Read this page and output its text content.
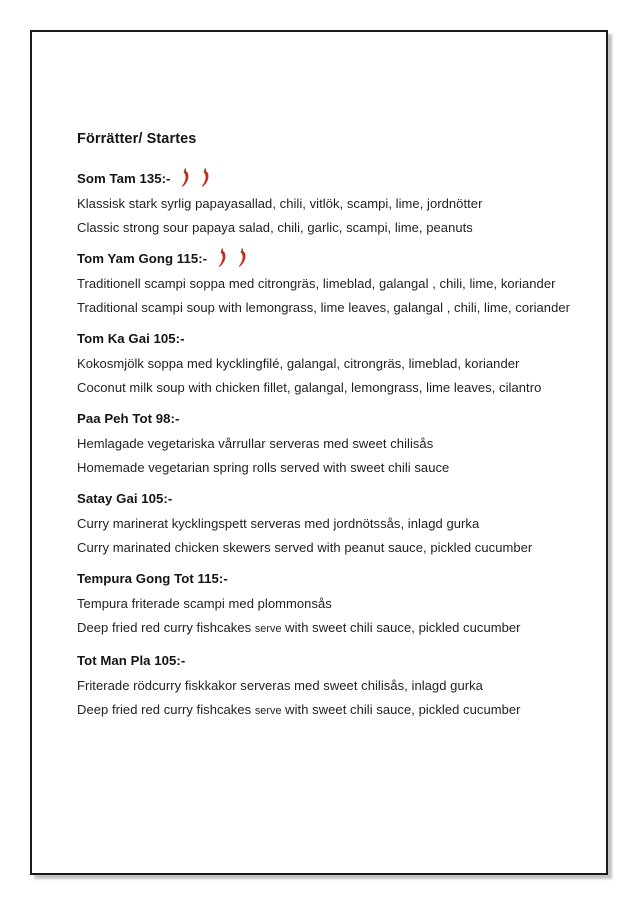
Förrätter/ Startes
Som Tam 135:-
Klassisk stark syrlig papayasallad, chili, vitlök, scampi, lime, jordnötter
Classic strong sour papaya salad, chili, garlic, scampi, lime, peanuts
Tom Yam Gong 115:-
Traditionell scampi soppa med citrongräs, limeblad, galangal , chili, lime, koriander
Traditional scampi soup with lemongrass, lime leaves, galangal , chili, lime, coriander
Tom Ka Gai 105:-
Kokosmjölk soppa med kycklingfilé, galangal, citrongräs, limeblad, koriander
Coconut milk soup with chicken fillet, galangal, lemongrass, lime leaves, cilantro
Paa Peh Tot 98:-
Hemlagade vegetariska vårrullar serveras med sweet chilisås
Homemade vegetarian spring rolls served with sweet chili sauce
Satay Gai 105:-
Curry marinerat kycklingspett serveras med jordnötssås, inlagd gurka
Curry marinated chicken skewers served with peanut sauce, pickled cucumber
Tempura Gong Tot 115:-
Tempura friterade scampi med plommonsås
Deep fried red curry fishcakes serve with sweet chili sauce, pickled cucumber
Tot Man Pla 105:-
Friterade rödcurry fiskkakor serveras med sweet chilisås, inlagd gurka
Deep fried red curry fishcakes serve with sweet chili sauce, pickled cucumber
